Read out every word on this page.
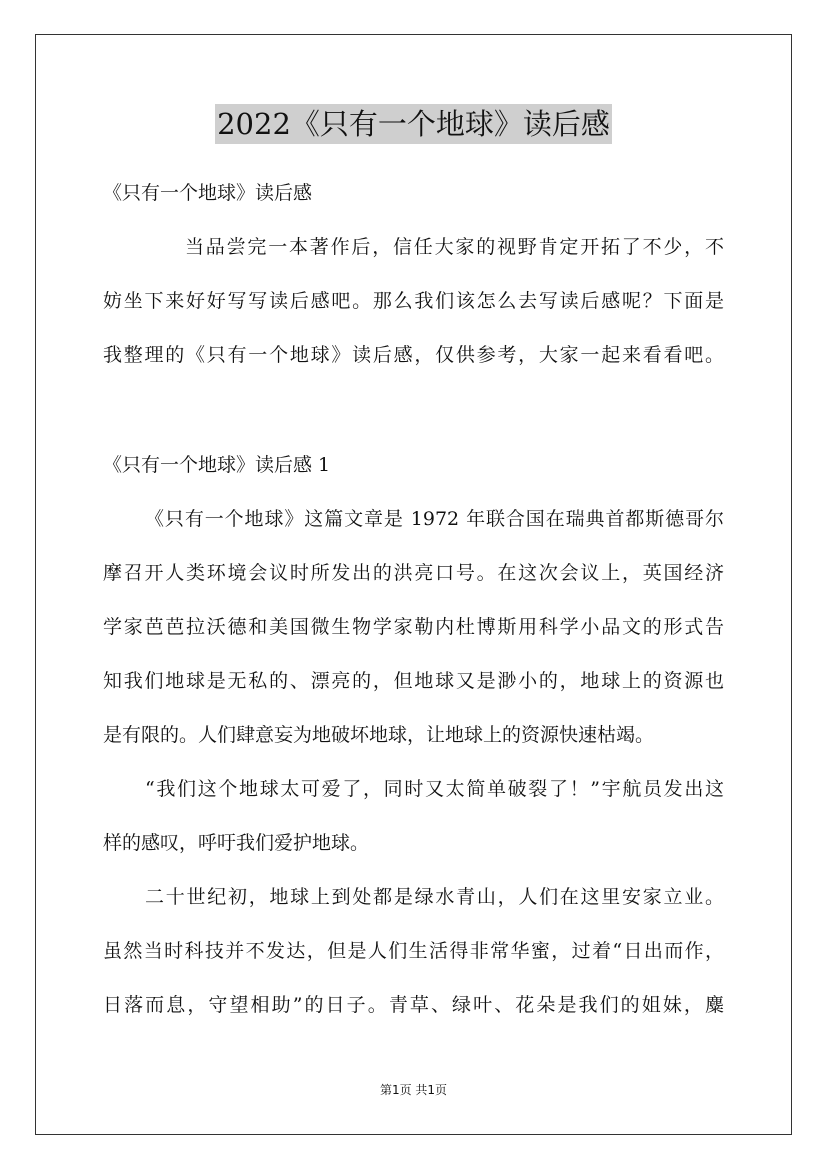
2022《只有一个地球》读后感
《只有一个地球》读后感
当品尝完一本著作后，信任大家的视野肯定开拓了不少，不
妨坐下来好好写写读后感吧。那么我们该怎么去写读后感呢？下面是
我整理的《只有一个地球》读后感，仅供参考，大家一起来看看吧。
《只有一个地球》读后感 1
《只有一个地球》这篇文章是 1972 年联合国在瑞典首都斯德哥尔
摩召开人类环境会议时所发出的洪亮口号。在这次会议上，英国经济
学家芭芭拉沃德和美国微生物学家勒内杜博斯用科学小品文的形式告
知我们地球是无私的、漂亮的，但地球又是渺小的，地球上的资源也
是有限的。人们肆意妄为地破坏地球，让地球上的资源快速枯竭。
“我们这个地球太可爱了，同时又太简单破裂了！”宇航员发出这
样的感叹，呼吁我们爱护地球。
二十世纪初，地球上到处都是绿水青山，人们在这里安家立业。
虽然当时科技并不发达，但是人们生活得非常华蜜，过着“日出而作，
日落而息，守望相助”的日子。青草、绿叶、花朵是我们的姐妹，麋
第1页 共1页
